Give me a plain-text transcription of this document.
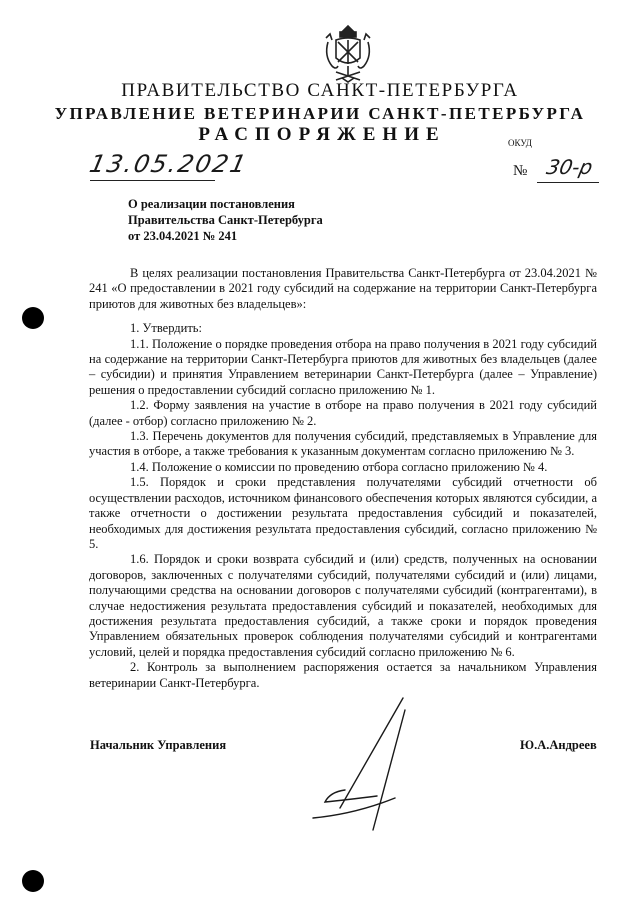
ПРАВИТЕЛЬСТВО САНКТ-ПЕТЕРБУРГА
УПРАВЛЕНИЕ ВЕТЕРИНАРИИ САНКТ-ПЕТЕРБУРГА
РАСПОРЯЖЕНИЕ	ОКУД
13.05.2021	№ 30-р
О реализации постановления
Правительства Санкт-Петербурга
от 23.04.2021 № 241

В целях реализации постановления Правительства Санкт-Петербурга от 23.04.2021 № 241 «О предоставлении в 2021 году субсидий на содержание на территории Санкт-Петербурга приютов для животных без владельцев»:

1. Утвердить:

1.1. Положение о порядке проведения отбора на право получения в 2021 году субсидий на содержание на территории Санкт-Петербурга приютов для животных без владельцев (далее – субсидии) и принятия Управлением ветеринарии Санкт-Петербурга (далее – Управление) решения о предоставлении субсидий согласно приложению № 1.

1.2. Форму заявления на участие в отборе на право получения в 2021 году субсидий (далее - отбор) согласно приложению № 2.

1.3. Перечень документов для получения субсидий, представляемых в Управление для участия в отборе, а также требования к указанным документам согласно приложению № 3.

1.4. Положение о комиссии по проведению отбора согласно приложению № 4.

1.5. Порядок и сроки представления получателями субсидий отчетности об осуществлении расходов, источником финансового обеспечения которых являются субсидии, а также отчетности о достижении результата предоставления субсидий и показателей, необходимых для достижения результата предоставления субсидий, согласно приложению № 5.

1.6. Порядок и сроки возврата субсидий и (или) средств, полученных на основании договоров, заключенных с получателями субсидий, получателями субсидий и (или) лицами, получающими средства на основании договоров с получателями субсидий (контрагентами), в случае недостижения результата предоставления субсидий и показателей, необходимых для достижения результата предоставления субсидий, а также сроки и порядок проведения Управлением обязательных проверок соблюдения получателями субсидий и контрагентами условий, целей и порядка предоставления субсидий согласно приложению № 6.

2. Контроль за выполнением распоряжения остается за начальником Управления ветеринарии Санкт-Петербурга.

Начальник Управления	Ю.А.Андреев
